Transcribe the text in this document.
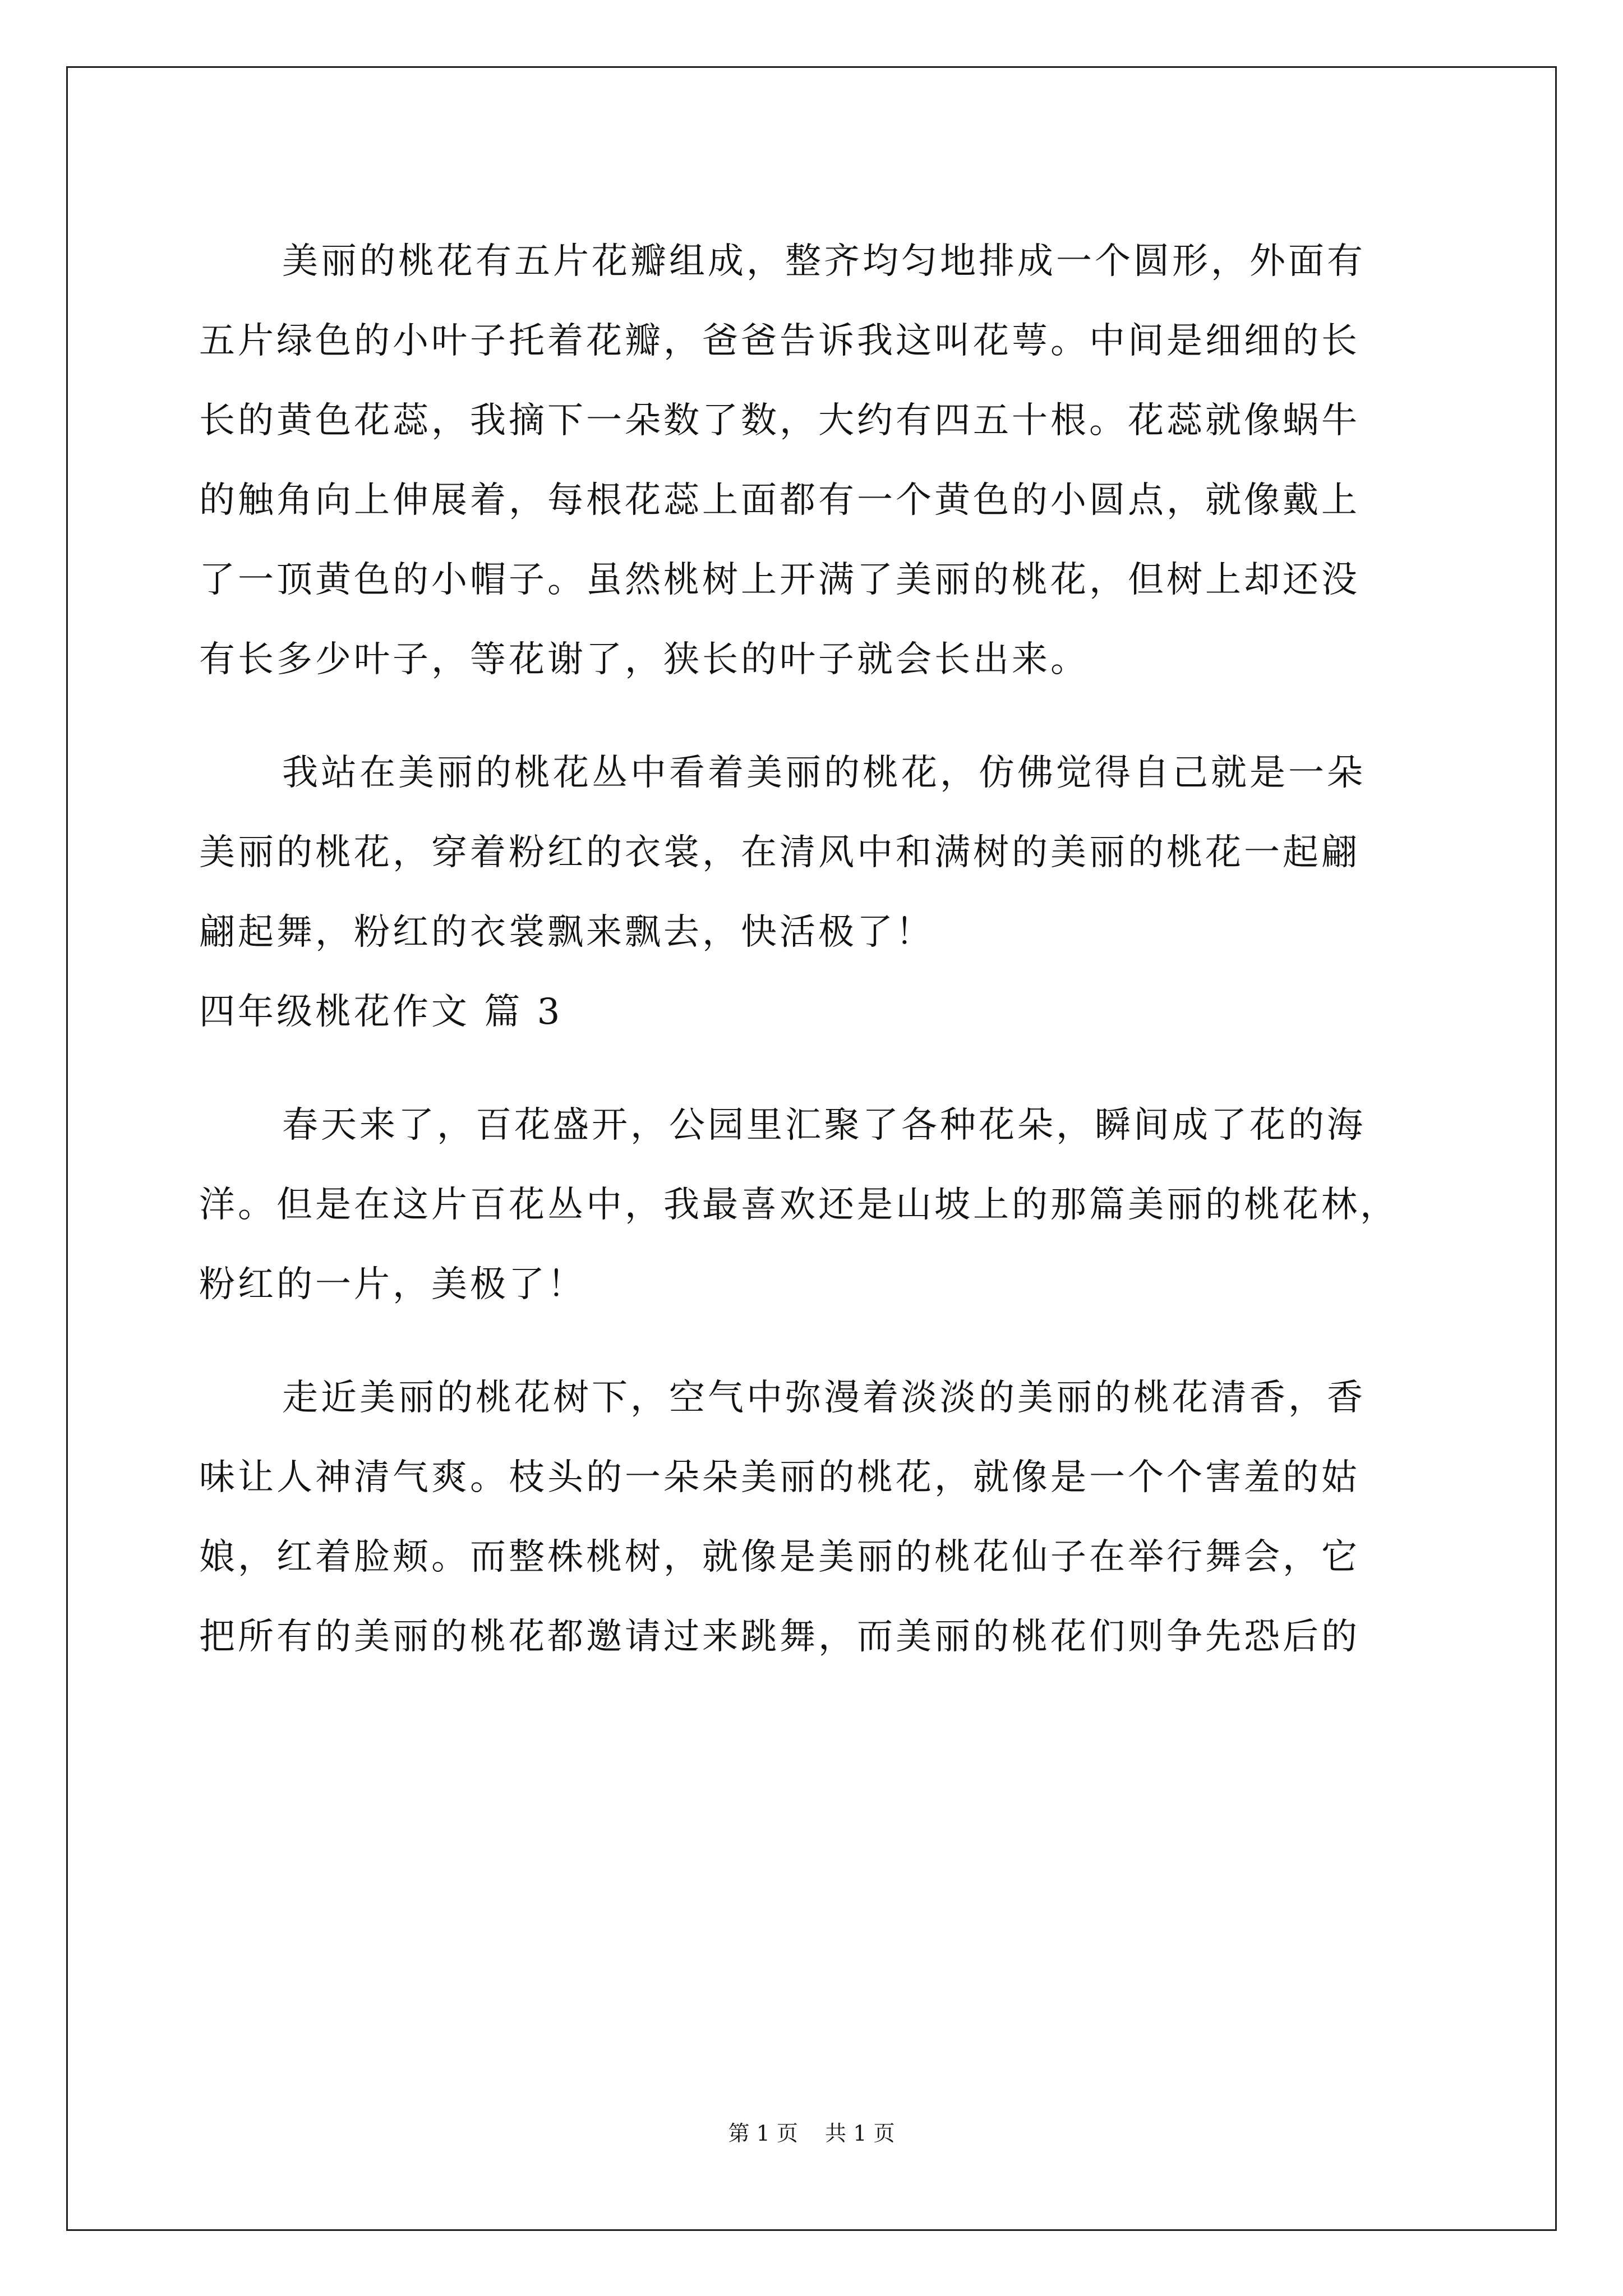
美丽的桃花有五片花瓣组成，整齐均匀地排成一个圆形，外面有
五片绿色的小叶子托着花瓣，爸爸告诉我这叫花萼。中间是细细的长
长的黄色花蕊，我摘下一朵数了数，大约有四五十根。花蕊就像蜗牛
的触角向上伸展着，每根花蕊上面都有一个黄色的小圆点，就像戴上
了一顶黄色的小帽子。虽然桃树上开满了美丽的桃花，但树上却还没
有长多少叶子，等花谢了，狭长的叶子就会长出来。
我站在美丽的桃花丛中看着美丽的桃花，仿佛觉得自己就是一朵
美丽的桃花，穿着粉红的衣裳，在清风中和满树的美丽的桃花一起翩
翩起舞，粉红的衣裳飘来飘去，快活极了！
四年级桃花作文 篇 3
春天来了，百花盛开，公园里汇聚了各种花朵，瞬间成了花的海
洋。但是在这片百花丛中，我最喜欢还是山坡上的那篇美丽的桃花林，
粉红的一片，美极了！
走近美丽的桃花树下，空气中弥漫着淡淡的美丽的桃花清香，香
味让人神清气爽。枝头的一朵朵美丽的桃花，就像是一个个害羞的姑
娘，红着脸颊。而整株桃树，就像是美丽的桃花仙子在举行舞会，它
把所有的美丽的桃花都邀请过来跳舞，而美丽的桃花们则争先恐后的
第 1 页    共 1 页
